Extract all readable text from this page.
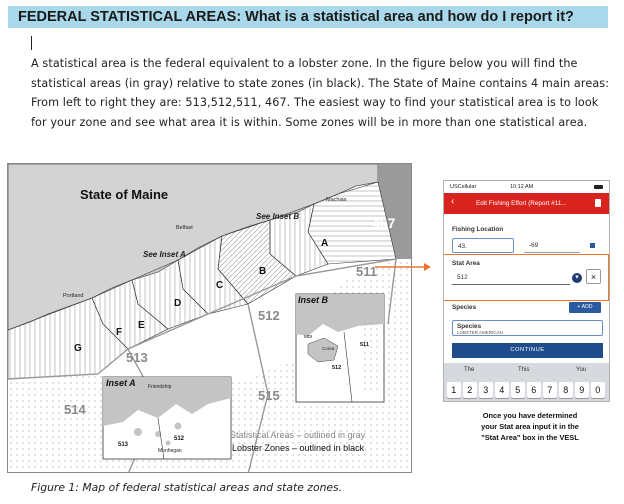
FEDERAL STATISTICAL AREAS: What is a statistical area and how do I report it?
A statistical area is the federal equivalent to a lobster zone. In the figure below you will find the statistical areas (in gray) relative to state zones (in black). The State of Maine contains 4 main areas: From left to right they are: 513,512,511, 467. The easiest way to find your statistical area is to look for your zone and see what area it is within. Some zones will be in more than one statistical area.
State of Maine	Machias
Belfast
Portland
Friendship
Monhegan
Corea
See Inset B
See Inset A
467
511
512
513
514
515
A
B
C
D
E
F
G
Inset A
513
512
Inset B
511
512
MDI
Statistical Areas – outlined in gray
Lobster Zones – outlined in black
Figure 1: Map of federal statistical areas and state zones.
USCellular	10:12 AM
‹	Edit Fishing Effort (Report #11...
Fishing Location
43.	-69
Stat Area
512	▾	×
Species	+ ADD
Species
LOBSTER AMERICAN
CONTINUE
The	This	You
1	2	3	4	5	6	7	8	9	0
Once you have determined
your Stat area input it in the
"Stat Area" box in the VESL
